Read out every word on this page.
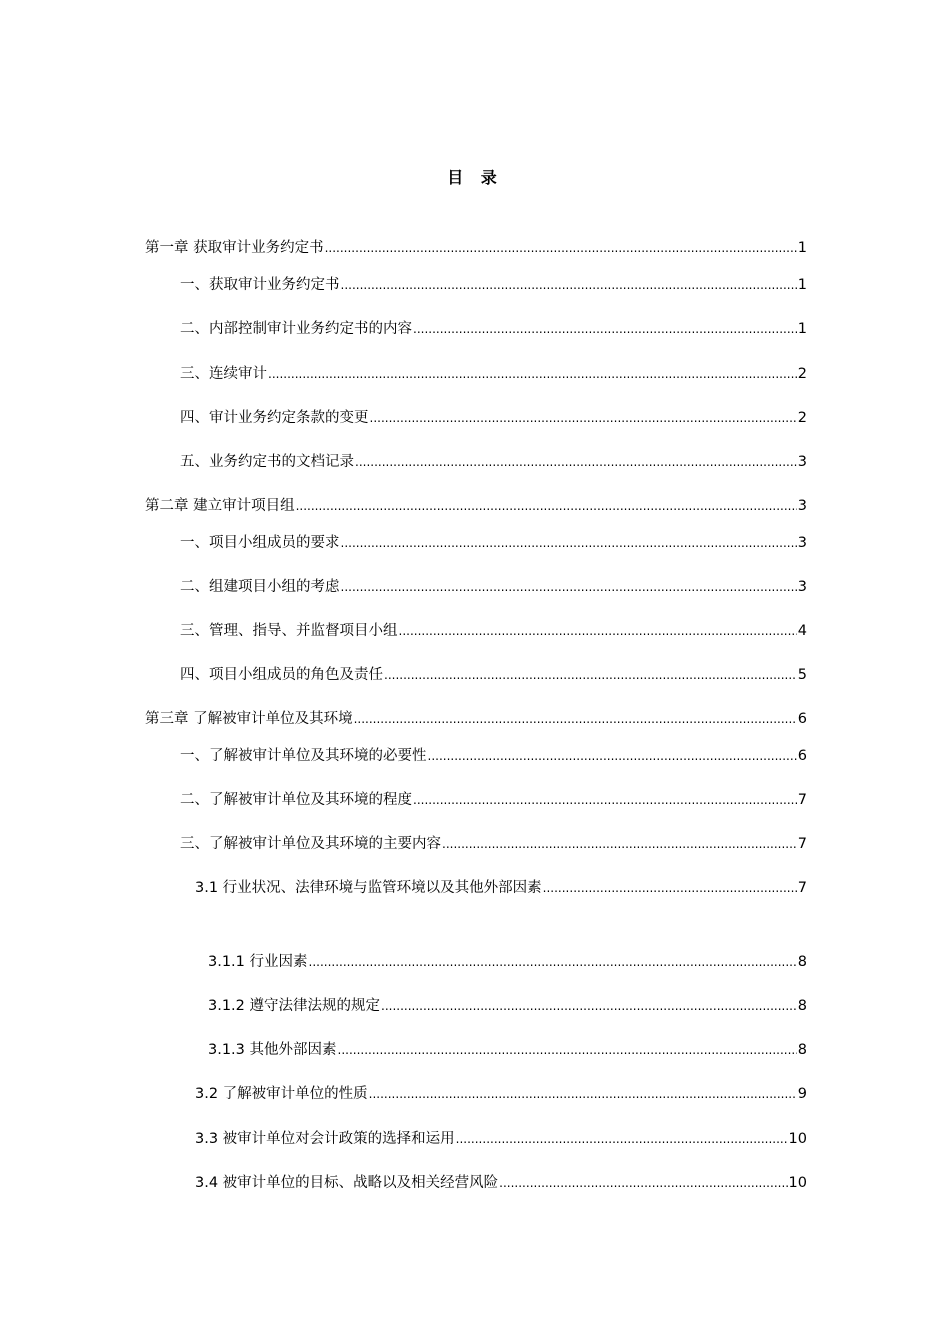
目 录
第一章 获取审计业务约定书 .....	1
一、获取审计业务约定书 .....	1
二、内部控制审计业务约定书的内容 .....	1
三、连续审计 .....	2
四、审计业务约定条款的变更 .....	2
五、业务约定书的文档记录 .....	3
第二章 建立审计项目组 .....	3
一、项目小组成员的要求 .....	3
二、组建项目小组的考虑 .....	3
三、管理、指导、并监督项目小组 .....	4
四、项目小组成员的角色及责任 .....	5
第三章 了解被审计单位及其环境 .....	6
一、了解被审计单位及其环境的必要性 .....	6
二、了解被审计单位及其环境的程度 .....	7
三、了解被审计单位及其环境的主要内容 .....	7
3.1 行业状况、法律环境与监管环境以及其他外部因素 .....	7
3.1.1 行业因素 .....	8
3.1.2 遵守法律法规的规定 .....	8
3.1.3 其他外部因素 .....	8
3.2 了解被审计单位的性质 .....	9
3.3 被审计单位对会计政策的选择和运用 .....	10
3.4 被审计单位的目标、战略以及相关经营风险 .....	10
